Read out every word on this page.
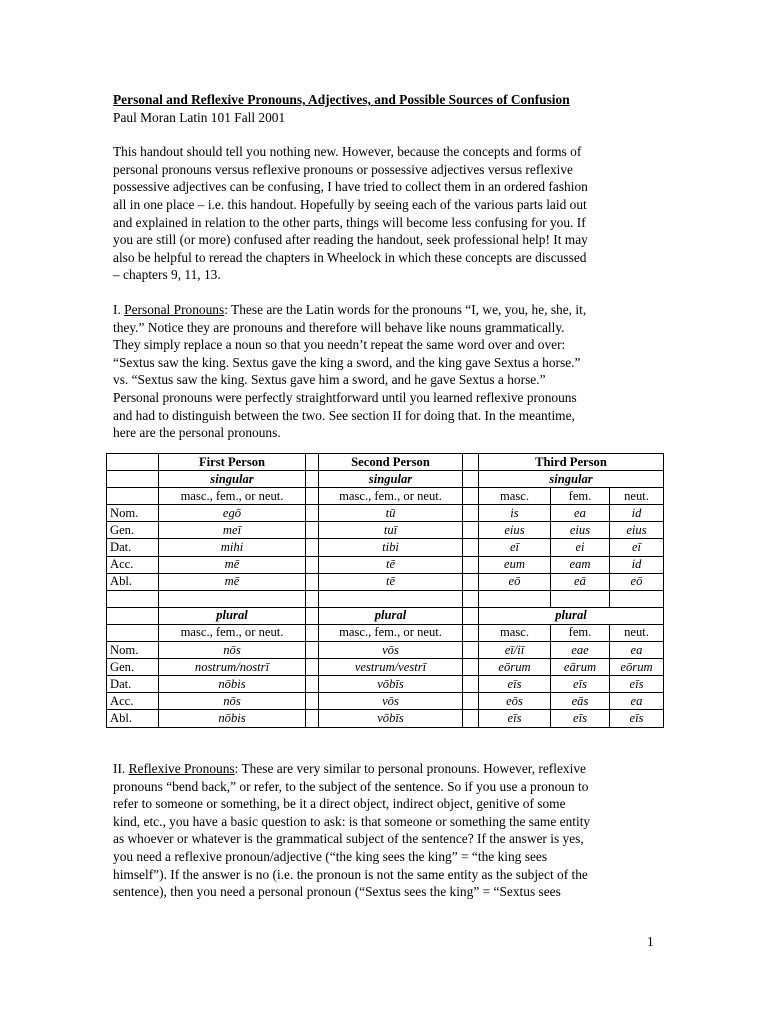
Personal and Reflexive Pronouns, Adjectives, and Possible Sources of Confusion
Paul Moran Latin 101 Fall 2001
This handout should tell you nothing new. However, because the concepts and forms of
personal pronouns versus reflexive pronouns or possessive adjectives versus reflexive
possessive adjectives can be confusing, I have tried to collect them in an ordered fashion
all in one place – i.e. this handout. Hopefully by seeing each of the various parts laid out
and explained in relation to the other parts, things will become less confusing for you. If
you are still (or more) confused after reading the handout, seek professional help! It may
also be helpful to reread the chapters in Wheelock in which these concepts are discussed
– chapters 9, 11, 13.
I. Personal Pronouns: These are the Latin words for the pronouns “I, we, you, he, she, it,
they.” Notice they are pronouns and therefore will behave like nouns grammatically.
They simply replace a noun so that you needn’t repeat the same word over and over:
“Sextus saw the king. Sextus gave the king a sword, and the king gave Sextus a horse.”
vs. “Sextus saw the king. Sextus gave him a sword, and he gave Sextus a horse.”
Personal pronouns were perfectly straightforward until you learned reflexive pronouns
and had to distinguish between the two. See section II for doing that. In the meantime,
here are the personal pronouns.
	First Person		Second Person		Third Person		
	singular		singular		singular		
	masc., fem., or neut.		masc., fem., or neut.		masc.	fem.	neut.
Nom.	egō		tū		is	ea	id
Gen.	meī		tuī		eius	eius	eius
Dat.	mihi		tibi		eī	ei	eī
Acc.	mē		tē		eum	eam	id
Abl.	mē		tē		eō	eā	eō

	plural		plural		plural		
	masc., fem., or neut.		masc., fem., or neut.		masc.	fem.	neut.
Nom.	nōs		vōs		eī/iī	eae	ea
Gen.	nostrum/nostrī		vestrum/vestrī		eōrum	eārum	eōrum
Dat.	nōbis		vōbīs		eīs	eīs	eīs
Acc.	nōs		vōs		eōs	eās	ea
Abl.	nōbis		vōbīs		eīs	eīs	eīs
II. Reflexive Pronouns: These are very similar to personal pronouns. However, reflexive
pronouns “bend back,” or refer, to the subject of the sentence. So if you use a pronoun to
refer to someone or something, be it a direct object, indirect object, genitive of some
kind, etc., you have a basic question to ask: is that someone or something the same entity
as whoever or whatever is the grammatical subject of the sentence? If the answer is yes,
you need a reflexive pronoun/adjective (“the king sees the king” = “the king sees
himself”). If the answer is no (i.e. the pronoun is not the same entity as the subject of the
sentence), then you need a personal pronoun (“Sextus sees the king” = “Sextus sees
1
